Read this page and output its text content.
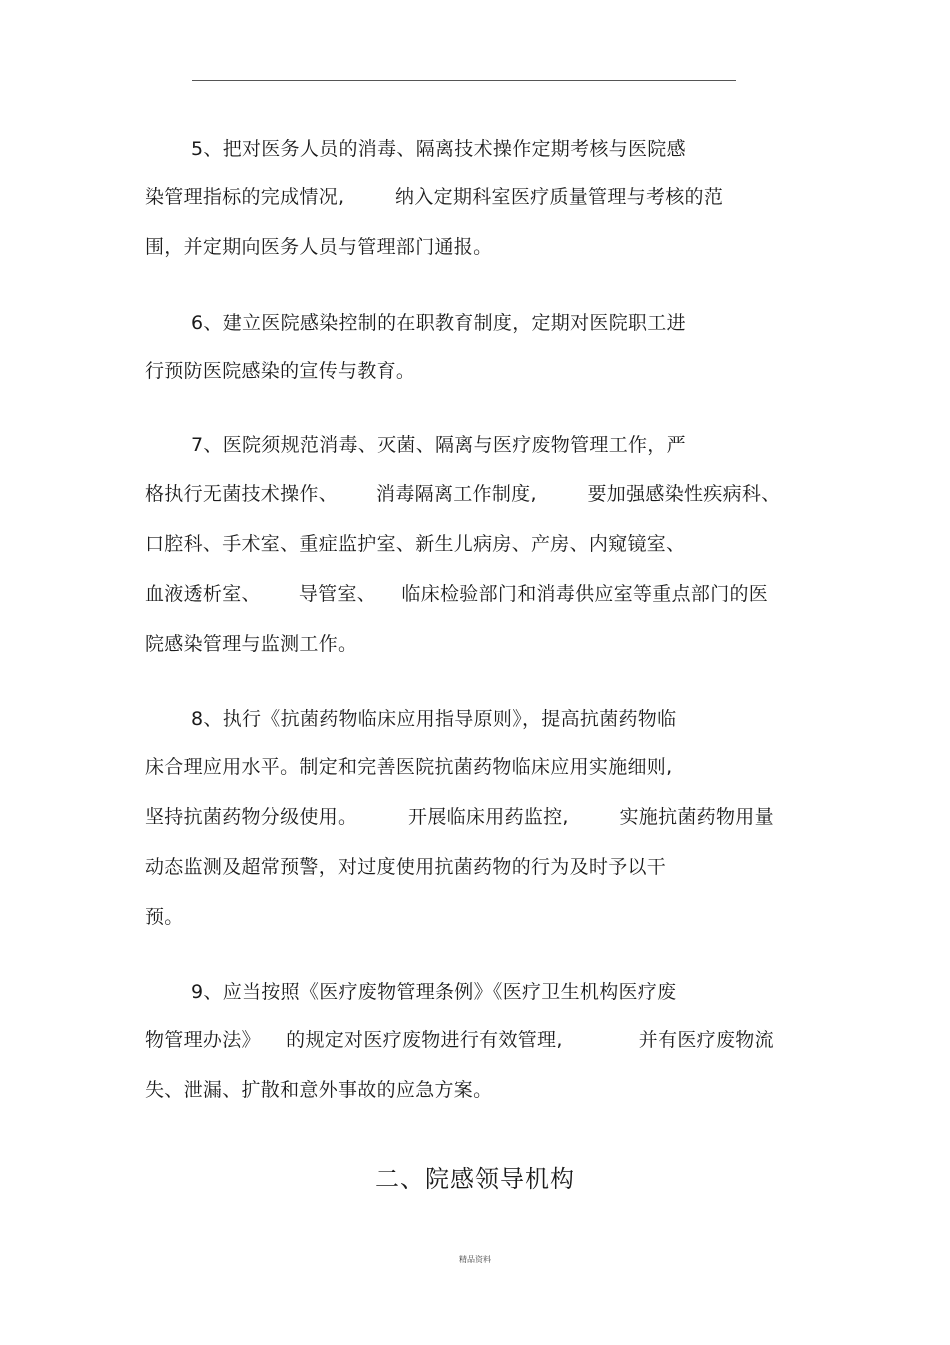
5、把对医务人员的消毒、隔离技术操作定期考核与医院感
染管理指标的完成情况,        纳入定期科室医疗质量管理与考核的范
围，并定期向医务人员与管理部门通报。
6、建立医院感染控制的在职教育制度，定期对医院职工进
行预防医院感染的宣传与教育。
7、医院须规范消毒、灭菌、隔离与医疗废物管理工作，严
格执行无菌技术操作、      消毒隔离工作制度,        要加强感染性疾病科、
口腔科、手术室、重症监护室、新生儿病房、产房、内窥镜室、
血液透析室、      导管室、    临床检验部门和消毒供应室等重点部门的医
院感染管理与监测工作。
8、执行《抗菌药物临床应用指导原则》，提高抗菌药物临
床合理应用水平。制定和完善医院抗菌药物临床应用实施细则,
坚持抗菌药物分级使用。        开展临床用药监控,        实施抗菌药物用量
动态监测及超常预警，对过度使用抗菌药物的行为及时予以干
预。
9、应当按照《医疗废物管理条例》《医疗卫生机构医疗废
物管理办法》    的规定对医疗废物进行有效管理,            并有医疗废物流
失、泄漏、扩散和意外事故的应急方案。
二、院感领导机构
精品资料
